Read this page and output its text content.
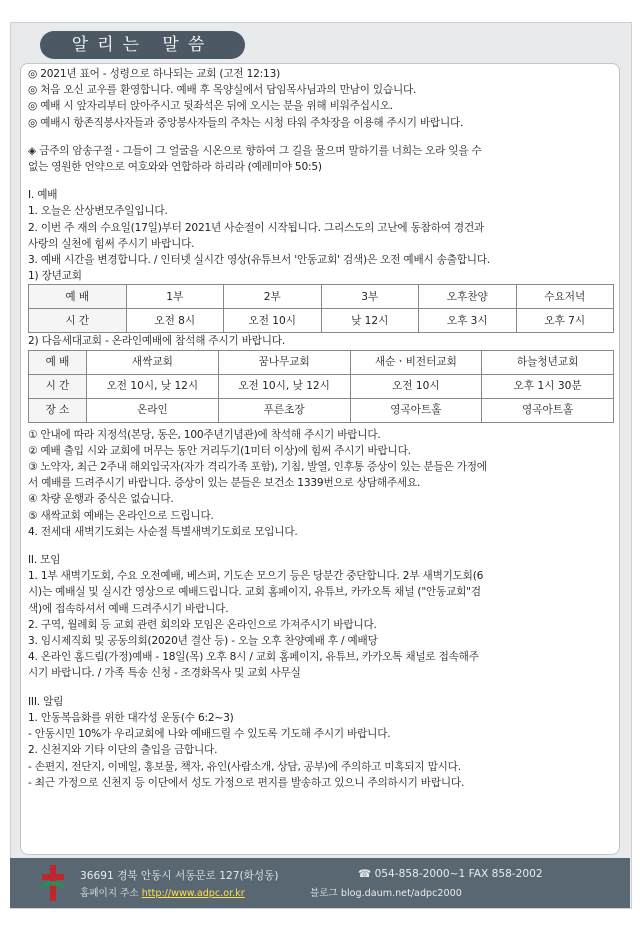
알리는 말씀

◎ 2021년 표어 - 성령으로 하나되는 교회 (고전 12:13)

◎ 처음 오신 교우를 환영합니다. 예배 후 목양실에서 담임목사님과의 만남이 있습니다.

◎ 예배 시 앞자리부터 앉아주시고 뒷좌석은 뒤에 오시는 분을 위해 비워주십시오.

◎ 예배시 항존직봉사자들과 중앙봉사자들의 주차는 시청 타워 주차장을 이용해 주시기 바랍니다.

◈ 금주의 암송구절 - 그들이 그 얼굴을 시온으로 향하여 그 길을 물으며 말하기를 너희는 오라 잊을 수

없는 영원한 언약으로 여호와와 연합하라 하리라 (예레미야 50:5)

I. 예배

1. 오늘은 산상변모주일입니다.

2. 이번 주 재의 수요일(17일)부터 2021년 사순절이 시작됩니다. 그리스도의 고난에 동참하여 경건과

사랑의 실천에 힘써 주시기 바랍니다.

3. 예배 시간을 변경합니다. / 인터넷 실시간 영상(유튜브서 '안동교회' 검색)은 오전 예배시 송출합니다.

1) 장년교회

예 배	1부	2부	3부	오후찬양	수요저녁
시 간	오전 8시	오전 10시	낮 12시	오후 3시	오후 7시

2) 다음세대교회 - 온라인예배에 참석해 주시기 바랍니다.

예 배	새싹교회	꿈나무교회	새순ㆍ비전터교회	하늘청년교회
시 간	오전 10시, 낮 12시	오전 10시, 낮 12시	오전 10시	오후 1시 30분
장 소	온라인	푸른초장	영곡아트홀	영곡아트홀

① 안내에 따라 지정석(본당, 동은, 100주년기념관)에 착석해 주시기 바랍니다.

② 예배 출입 시와 교회에 머무는 동안 거리두기(1미터 이상)에 힘써 주시기 바랍니다.

③ 노약자, 최근 2주내 해외입국자(자가 격리가족 포함), 기침, 발열, 인후통 증상이 있는 분들은 가정에

서 예배를 드려주시기 바랍니다. 증상이 있는 분들은 보건소 1339번으로 상담해주세요.

④ 차량 운행과 중식은 없습니다.

⑤ 새싹교회 예배는 온라인으로 드립니다.

4. 전세대 새벽기도회는 사순절 특별새벽기도회로 모입니다.

II. 모임

1. 1부 새벽기도회, 수요 오전예배, 베스퍼, 기도손 모으기 등은 당분간 중단합니다. 2부 새벽기도회(6

시)는 예배실 및 실시간 영상으로 예배드립니다. 교회 홈페이지, 유튜브, 카카오톡 채널 ("안동교회"검

색)에 접속하셔서 예배 드려주시기 바랍니다.

2. 구역, 월례회 등 교회 관련 회의와 모임은 온라인으로 가져주시기 바랍니다.

3. 임시제직회 및 공동의회(2020년 결산 등) - 오늘 오후 찬양예배 후 / 예배당

4. 온라인 홈드림(가정)예배 - 18일(목) 오후 8시 / 교회 홈페이지, 유튜브, 카카오톡 채널로 접속해주

시기 바랍니다. / 가족 특송 신청 - 조경화목사 및 교회 사무실

III. 알림

1. 안동복음화를 위한 대각성 운동(수 6:2~3)

- 안동시민 10%가 우리교회에 나와 예배드릴 수 있도록 기도해 주시기 바랍니다.

2. 신천지와 기타 이단의 출입을 금합니다.

- 손편지, 전단지, 이메일, 홍보물, 책자, 유인(사람소개, 상담, 공부)에 주의하고 미혹되지 맙시다.

- 최근 가정으로 신천지 등 이단에서 성도 가정으로 편지를 발송하고 있으니 주의하시기 바랍니다.

36691 경북 안동시 서동문로 127(화성동)	☎ 054-858-2000~1 FAX 858-2002
홈페이지 주소 http://www.adpc.or.kr	블로그 blog.daum.net/adpc2000
